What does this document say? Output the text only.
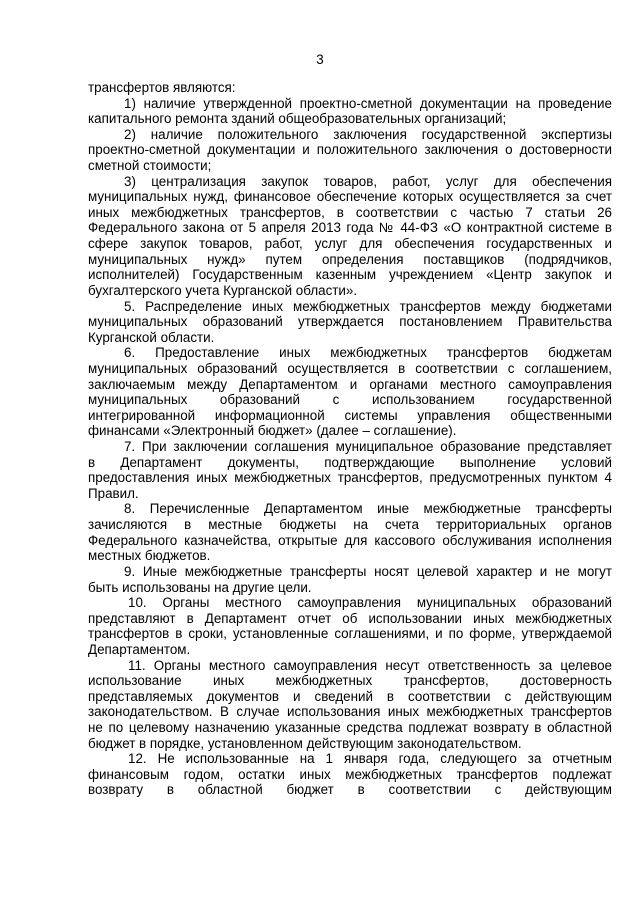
3
трансфертов являются:
1) наличие утвержденной проектно-сметной документации на проведение
капитального ремонта зданий общеобразовательных организаций;
2) наличие положительного заключения государственной экспертизы
проектно-сметной документации и положительного заключения о достоверности
сметной стоимости;
3) централизация закупок товаров, работ, услуг для обеспечения
муниципальных нужд, финансовое обеспечение которых осуществляется за счет
иных межбюджетных трансфертов, в соответствии с частью 7 статьи 26
Федерального закона от 5 апреля 2013 года № 44-ФЗ «О контрактной системе в
сфере закупок товаров, работ, услуг для обеспечения государственных и
муниципальных нужд» путем определения поставщиков (подрядчиков,
исполнителей) Государственным казенным учреждением «Центр закупок и
бухгалтерского учета Курганской области».
5. Распределение иных межбюджетных трансфертов между бюджетами
муниципальных образований утверждается постановлением Правительства
Курганской области.
6. Предоставление иных межбюджетных трансфертов бюджетам
муниципальных образований осуществляется в соответствии с соглашением,
заключаемым между Департаментом и органами местного самоуправления
муниципальных образований с использованием государственной
интегрированной информационной системы управления общественными
финансами «Электронный бюджет» (далее – соглашение).
7. При заключении соглашения муниципальное образование представляет
в Департамент документы, подтверждающие выполнение условий
предоставления иных межбюджетных трансфертов, предусмотренных пунктом 4
Правил.
8. Перечисленные Департаментом иные межбюджетные трансферты
зачисляются в местные бюджеты на счета территориальных органов
Федерального казначейства, открытые для кассового обслуживания исполнения
местных бюджетов.
9. Иные межбюджетные трансферты носят целевой характер и не могут
быть использованы на другие цели.
10. Органы местного самоуправления муниципальных образований
представляют в Департамент отчет об использовании иных межбюджетных
трансфертов в сроки, установленные соглашениями, и по форме, утверждаемой
Департаментом.
11. Органы местного самоуправления несут ответственность за целевое
использование иных межбюджетных трансфертов, достоверность
представляемых документов и сведений в соответствии с действующим
законодательством. В случае использования иных межбюджетных трансфертов
не по целевому назначению указанные средства подлежат возврату в областной
бюджет в порядке, установленном действующим законодательством.
12. Не использованные на 1 января года, следующего за отчетным
финансовым годом, остатки иных межбюджетных трансфертов подлежат
возврату в областной бюджет в соответствии с действующим
